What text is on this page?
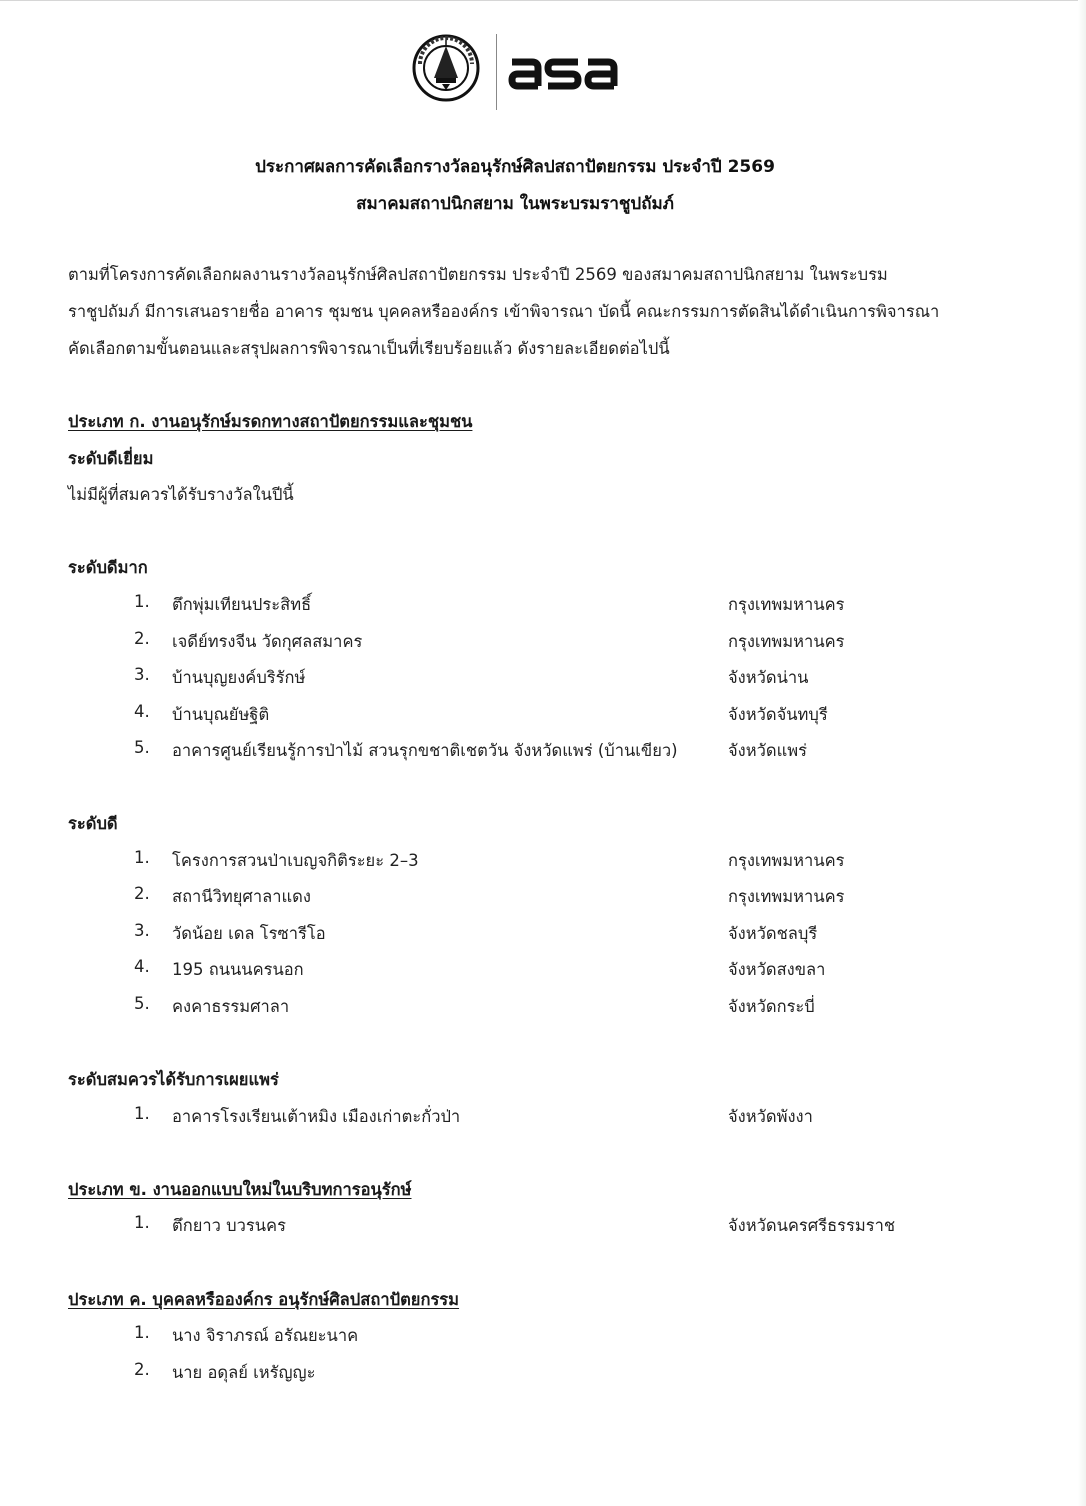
ประกาศผลการคัดเลือกรางวัลอนุรักษ์ศิลปสถาปัตยกรรม ประจำปี 2569
สมาคมสถาปนิกสยาม ในพระบรมราชูปถัมภ์
ตามที่โครงการคัดเลือกผลงานรางวัลอนุรักษ์ศิลปสถาปัตยกรรม ประจำปี 2569 ของสมาคมสถาปนิกสยาม ในพระบรม
ราชูปถัมภ์ มีการเสนอรายชื่อ อาคาร ชุมชน บุคคลหรือองค์กร เข้าพิจารณา บัดนี้ คณะกรรมการตัดสินได้ดำเนินการพิจารณา
คัดเลือกตามขั้นตอนและสรุปผลการพิจารณาเป็นที่เรียบร้อยแล้ว ดังรายละเอียดต่อไปนี้
ประเภท ก. งานอนุรักษ์มรดกทางสถาปัตยกรรมและชุมชน
ระดับดีเยี่ยม
ไม่มีผู้ที่สมควรได้รับรางวัลในปีนี้
ระดับดีมาก
1. ตึกพุ่มเทียนประสิทธิ์	กรุงเทพมหานคร
2. เจดีย์ทรงจีน วัดกุศลสมาคร	กรุงเทพมหานคร
3. บ้านบุญยงค์บริรักษ์	จังหวัดน่าน
4. บ้านบุณยัษฐิติ	จังหวัดจันทบุรี
5. อาคารศูนย์เรียนรู้การป่าไม้ สวนรุกขชาติเชตวัน จังหวัดแพร่ (บ้านเขียว)	จังหวัดแพร่
ระดับดี
1. โครงการสวนป่าเบญจกิติระยะ 2–3	กรุงเทพมหานคร
2. สถานีวิทยุศาลาแดง	กรุงเทพมหานคร
3. วัดน้อย เดล โรซารีโอ	จังหวัดชลบุรี
4. 195 ถนนนครนอก	จังหวัดสงขลา
5. คงคาธรรมศาลา	จังหวัดกระบี่
ระดับสมควรได้รับการเผยแพร่
1. อาคารโรงเรียนเต้าหมิง เมืองเก่าตะกั่วป่า	จังหวัดพังงา
ประเภท ข. งานออกแบบใหม่ในบริบทการอนุรักษ์
1. ตึกยาว บวรนคร	จังหวัดนครศรีธรรมราช
ประเภท ค. บุคคลหรือองค์กร อนุรักษ์ศิลปสถาปัตยกรรม
1. นาง จิราภรณ์ อรัณยะนาค
2. นาย อดุลย์ เหรัญญะ
